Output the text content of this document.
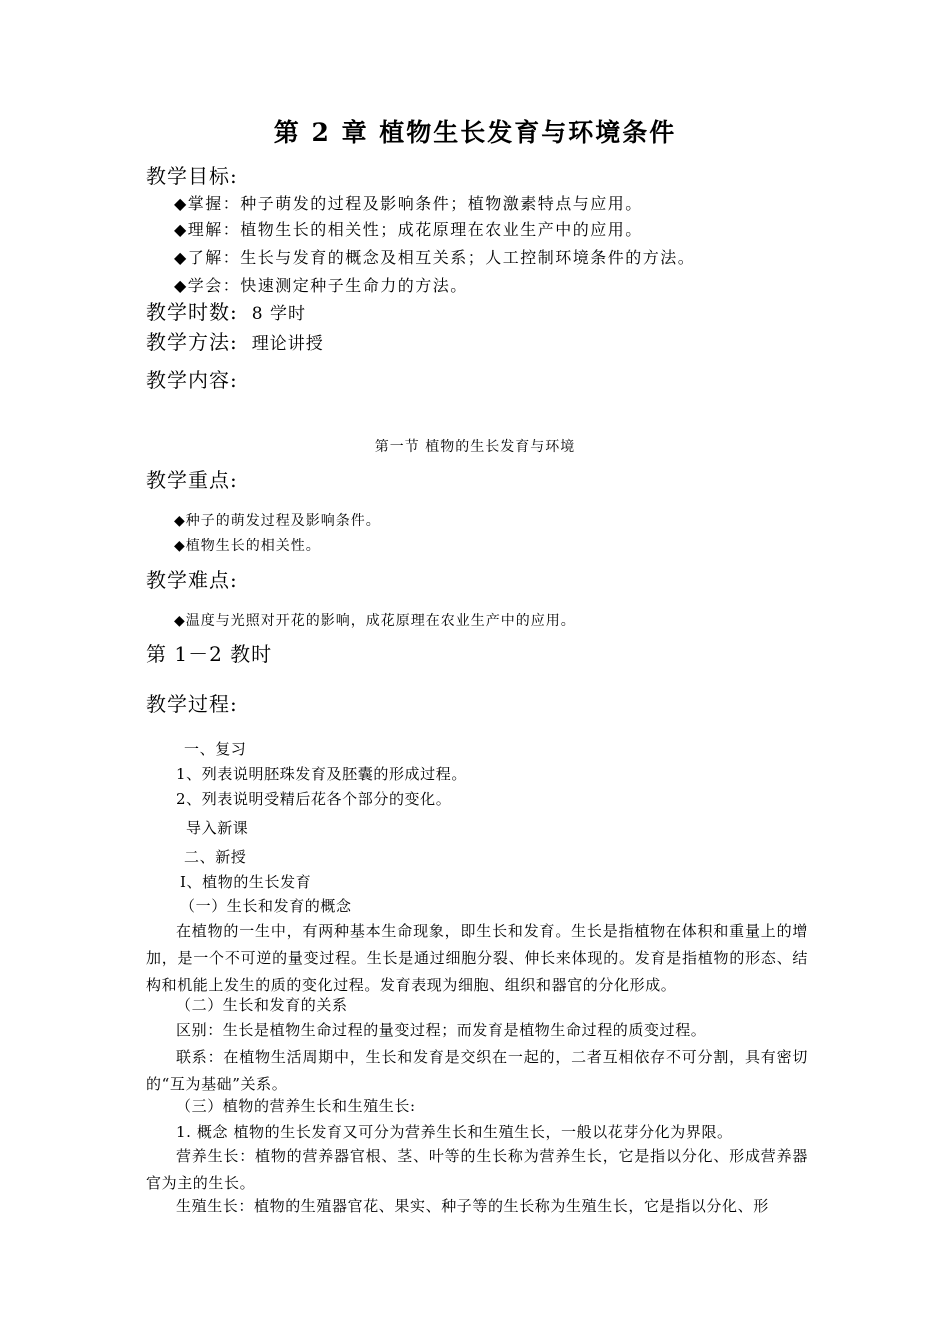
第 2 章 植物生长发育与环境条件
教学目标:
◆掌握：种子萌发的过程及影响条件；植物激素特点与应用。
◆理解：植物生长的相关性；成花原理在农业生产中的应用。
◆了解：生长与发育的概念及相互关系；人工控制环境条件的方法。
◆学会：快速测定种子生命力的方法。
教学时数: 8 学时
教学方法: 理论讲授
教学内容:
第一节 植物的生长发育与环境
教学重点:
◆种子的萌发过程及影响条件。
◆植物生长的相关性。
教学难点:
◆温度与光照对开花的影响，成花原理在农业生产中的应用。
第 1－2 教时
教学过程:
一、复习
1、列表说明胚珠发育及胚囊的形成过程。
2、列表说明受精后花各个部分的变化。
导入新课
二、新授
Ⅰ、植物的生长发育
（一）生长和发育的概念

在植物的一生中，有两种基本生命现象，即生长和发育。生长是指植物在体积和重量上的增加，是一个不可逆的量变过程。生长是通过细胞分裂、伸长来体现的。发育是指植物的形态、结构和机能上发生的质的变化过程。发育表现为细胞、组织和器官的分化形成。

（二）生长和发育的关系

区别：生长是植物生命过程的量变过程；而发育是植物生命过程的质变过程。

联系：在植物生活周期中，生长和发育是交织在一起的，二者互相依存不可分割，具有密切的“互为基础”关系。

（三）植物的营养生长和生殖生长:

1. 概念 植物的生长发育又可分为营养生长和生殖生长，一般以花芽分化为界限。

营养生长：植物的营养器官根、茎、叶等的生长称为营养生长，它是指以分化、形成营养器官为主的生长。

生殖生长：植物的生殖器官花、果实、种子等的生长称为生殖生长，它是指以分化、形
